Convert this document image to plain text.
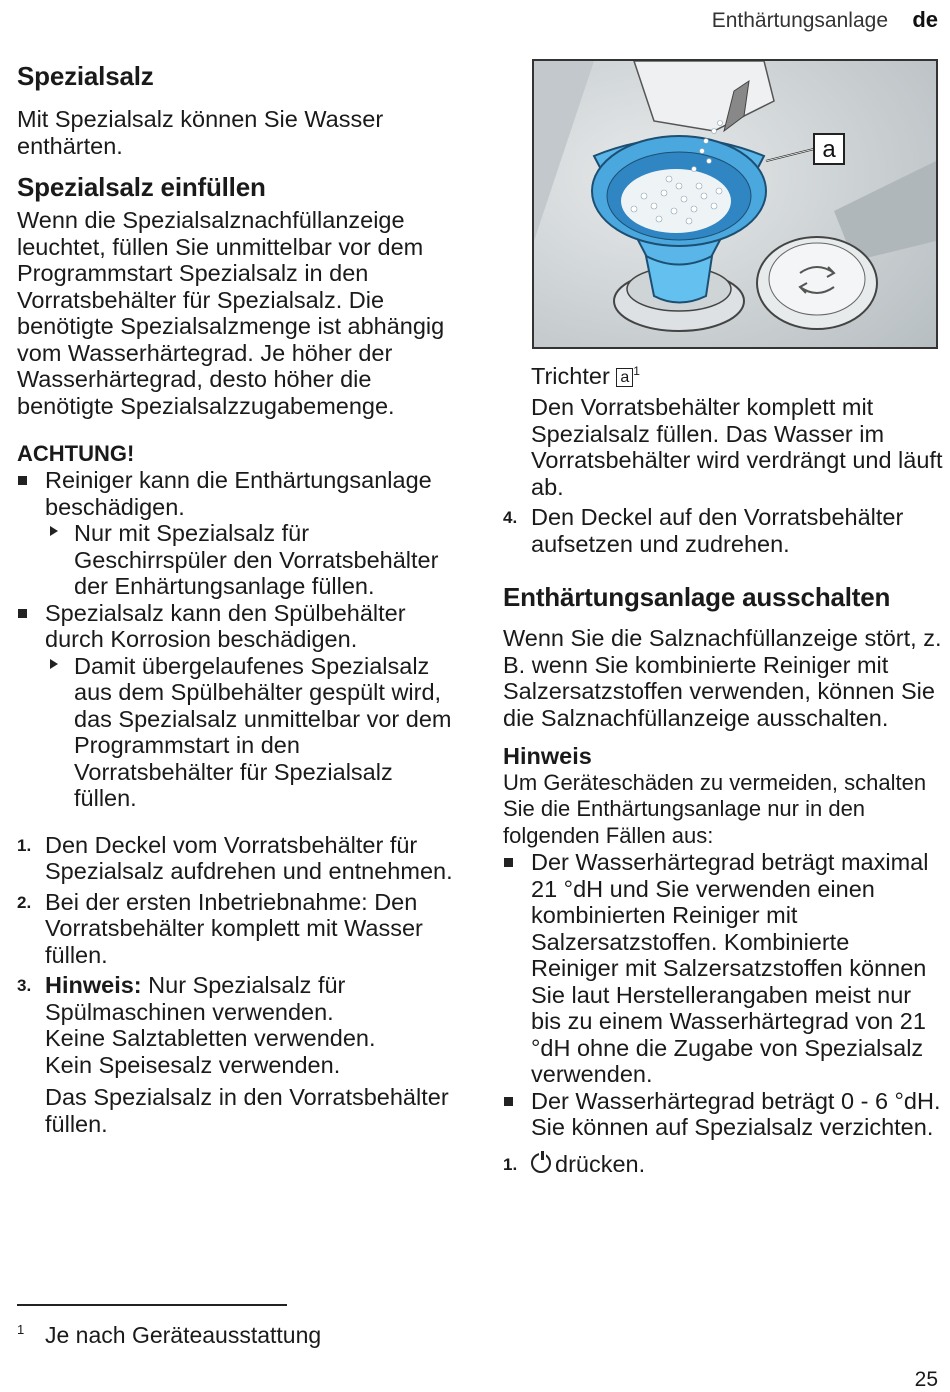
Enthärtungsanlage de
Spezialsalz

Mit Spezialsalz können Sie Wasser enthärten.

Spezialsalz einfüllen

Wenn die Spezialsalznachfüllanzeige leuchtet, füllen Sie unmittelbar vor dem Programmstart Spezialsalz in den Vorratsbehälter für Spezialsalz. Die benötigte Spezialsalzmenge ist abhängig vom Wasserhärtegrad. Je höher der Wasserhärtegrad, desto höher die benötigte Spezialsalzzugabemenge.

ACHTUNG!
Reiniger kann die Enthärtungsanlage beschädigen.
Nur mit Spezialsalz für Geschirrspüler den Vorratsbehälter der Enhärtungsanlage füllen.
Spezialsalz kann den Spülbehälter durch Korrosion beschädigen.
Damit übergelaufenes Spezialsalz aus dem Spülbehälter gespült wird, das Spezialsalz unmittelbar vor dem Programmstart in den Vorratsbehälter für Spezialsalz füllen.
1. Den Deckel vom Vorratsbehälter für Spezialsalz aufdrehen und entnehmen.
2. Bei der ersten Inbetriebnahme: Den Vorratsbehälter komplett mit Wasser füllen.
3. Hinweis: Nur Spezialsalz für Spülmaschinen verwenden.
Keine Salztabletten verwenden.
Kein Speisesalz verwenden.
Das Spezialsalz in den Vorratsbehälter füllen.
a
Trichter a $^1$
Den Vorratsbehälter komplett mit Spezialsalz füllen. Das Wasser im Vorratsbehälter wird verdrängt und läuft ab.
4. Den Deckel auf den Vorratsbehälter aufsetzen und zudrehen.
Enthärtungsanlage ausschalten

Wenn Sie die Salznachfüllanzeige stört, z. B. wenn Sie kombinierte Reiniger mit Salzersatzstoffen verwenden, können Sie die Salznachfüllanzeige ausschalten.

Hinweis
Um Geräteschäden zu vermeiden, schalten Sie die Enthärtungsanlage nur in den folgenden Fällen aus:
Der Wasserhärtegrad beträgt maximal 21 °dH und Sie verwenden einen kombinierten Reiniger mit Salzersatzstoffen. Kombinierte Reiniger mit Salzersatzstoffen können Sie laut Herstellerangaben meist nur bis zu einem Wasserhärtegrad von 21 °dH ohne die Zugabe von Spezialsalz verwenden.
Der Wasserhärtegrad beträgt 0 - 6 °dH. Sie können auf Spezialsalz verzichten.
1. drücken.
1 Je nach Geräteausstattung
25
